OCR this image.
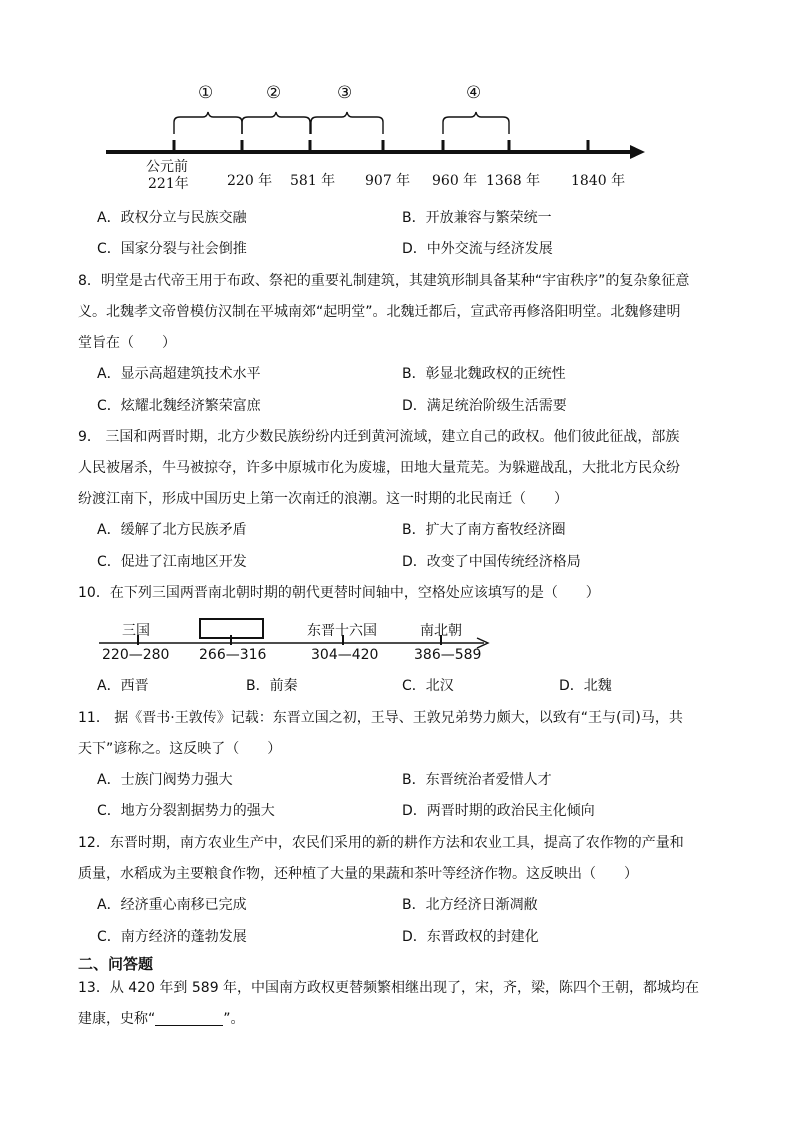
①	②	③	④
公元前
221年	220 年 581 年 907 年 960 年 1368 年 1840 年
A．政权分立与民族交融	B．开放兼容与繁荣统一
C．国家分裂与社会倒推	D．中外交流与经济发展
8．明堂是古代帝王用于布政、祭祀的重要礼制建筑，其建筑形制具备某种“宇宙秩序”的复杂象征意
义。北魏孝文帝曾模仿汉制在平城南郊“起明堂”。北魏迁都后，宣武帝再修洛阳明堂。北魏修建明
堂旨在（　　）
A．显示高超建筑技术水平	B．彰显北魏政权的正统性
C．炫耀北魏经济繁荣富庶	D．满足统治阶级生活需要
9． 三国和两晋时期，北方少数民族纷纷内迁到黄河流域，建立自己的政权。他们彼此征战，部族
人民被屠杀，牛马被掠夺，许多中原城市化为废墟，田地大量荒芜。为躲避战乱，大批北方民众纷
纷渡江南下，形成中国历史上第一次南迁的浪潮。这一时期的北民南迁（　　）
A．缓解了北方民族矛盾	B．扩大了南方畜牧经济圈
C．促进了江南地区开发	D．改变了中国传统经济格局
10．在下列三国两晋南北朝时期的朝代更替时间轴中，空格处应该填写的是（　　）
三国	东晋十六国	南北朝
220—280 266—316	304—420	386—589
A．西晋	B．前秦	C．北汉	D．北魏
11． 据《晋书·王敦传》记载：东晋立国之初，王导、王敦兄弟势力颇大，以致有“王与(司)马，共
天下”谚称之。这反映了（　　）
A．士族门阀势力强大	B．东晋统治者爱惜人才
C．地方分裂割据势力的强大	D．两晋时期的政治民主化倾向
12．东晋时期，南方农业生产中，农民们采用的新的耕作方法和农业工具，提高了农作物的产量和
质量，水稻成为主要粮食作物，还种植了大量的果蔬和茶叶等经济作物。这反映出（　　）
A．经济重心南移已完成	B．北方经济日渐凋敝
C．南方经济的蓬勃发展	D．东晋政权的封建化
二、问答题
13．从 420 年到 589 年，中国南方政权更替频繁相继出现了，宋，齐，梁，陈四个王朝，都城均在
建康，史称“	”。
